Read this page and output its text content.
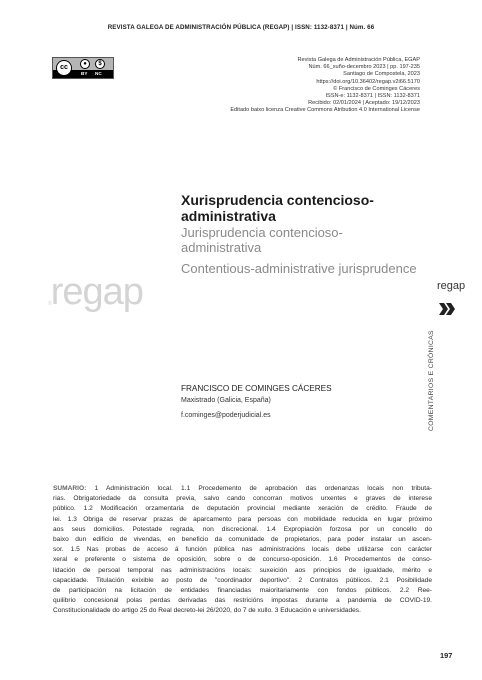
REVISTA GALEGA DE ADMINISTRACIÓN PÚBLICA (REGAP) | ISSN: 1132-8371 | Núm. 66
cc	●	$
BY NC
Revista Galega de Administración Pública, EGAP
Núm. 66_xuño-decembro 2023 | pp. 197-235
Santiago de Compostela, 2023
https://doi.org/10.36402/regap.v2i66.5170
© Francisco de Cominges Cáceres
ISSN-e: 1132-8371 | ISSN: 1132-8371
Recibido: 02/01/2024 | Aceptado: 19/12/2023
Editado baixo licenza Creative Commons Atribution 4.0 International License
Xurisprudencia contencioso-administrativa
Jurisprudencia contencioso-administrativa
Contentious-administrative jurisprudence
®regap	regap
COMENTARIOS E CRÓNICAS
FRANCISCO DE COMINGES CÁCERES
Maxistrado (Galicia, España)
f.cominges@poderjudicial.es
SUMARIO: 1 Administración local. 1.1 Procedemento de aprobación das ordenanzas locais non tributa-
rias. Obrigatoriedade da consulta previa, salvo cando concorran motivos urxentes e graves de interese
público. 1.2 Modificación orzamentaria de deputación provincial mediante xeración de crédito. Fraude de
lei. 1.3 Obriga de reservar prazas de aparcamento para persoas con mobilidade reducida en lugar próximo
aos seus domicilios. Potestade regrada, non discrecional. 1.4 Expropiación forzosa por un concello do
baixo dun edificio de vivendas, en beneficio da comunidade de propietarios, para poder instalar un ascen-
sor. 1.5 Nas probas de acceso á función pública nas administracións locais debe utilizarse con carácter
xeral e preferente o sistema de oposición, sobre o de concurso-oposición. 1.6 Procedementos de conso-
lidación de persoal temporal nas administracións locais: suxeición aos principios de igualdade, mérito e
capacidade. Titulación exixible ao posto de "coordinador deportivo". 2 Contratos públicos. 2.1 Posibilidade
de participación na licitación de entidades financiadas maioritariamente con fondos públicos. 2.2 Ree-
quilibrio concesional polas perdas derivadas das restricións impostas durante a pandemia de COVID-19.
Constitucionalidade do artigo 25 do Real decreto-lei 26/2020, do 7 de xullo. 3 Educación e universidades.
197
